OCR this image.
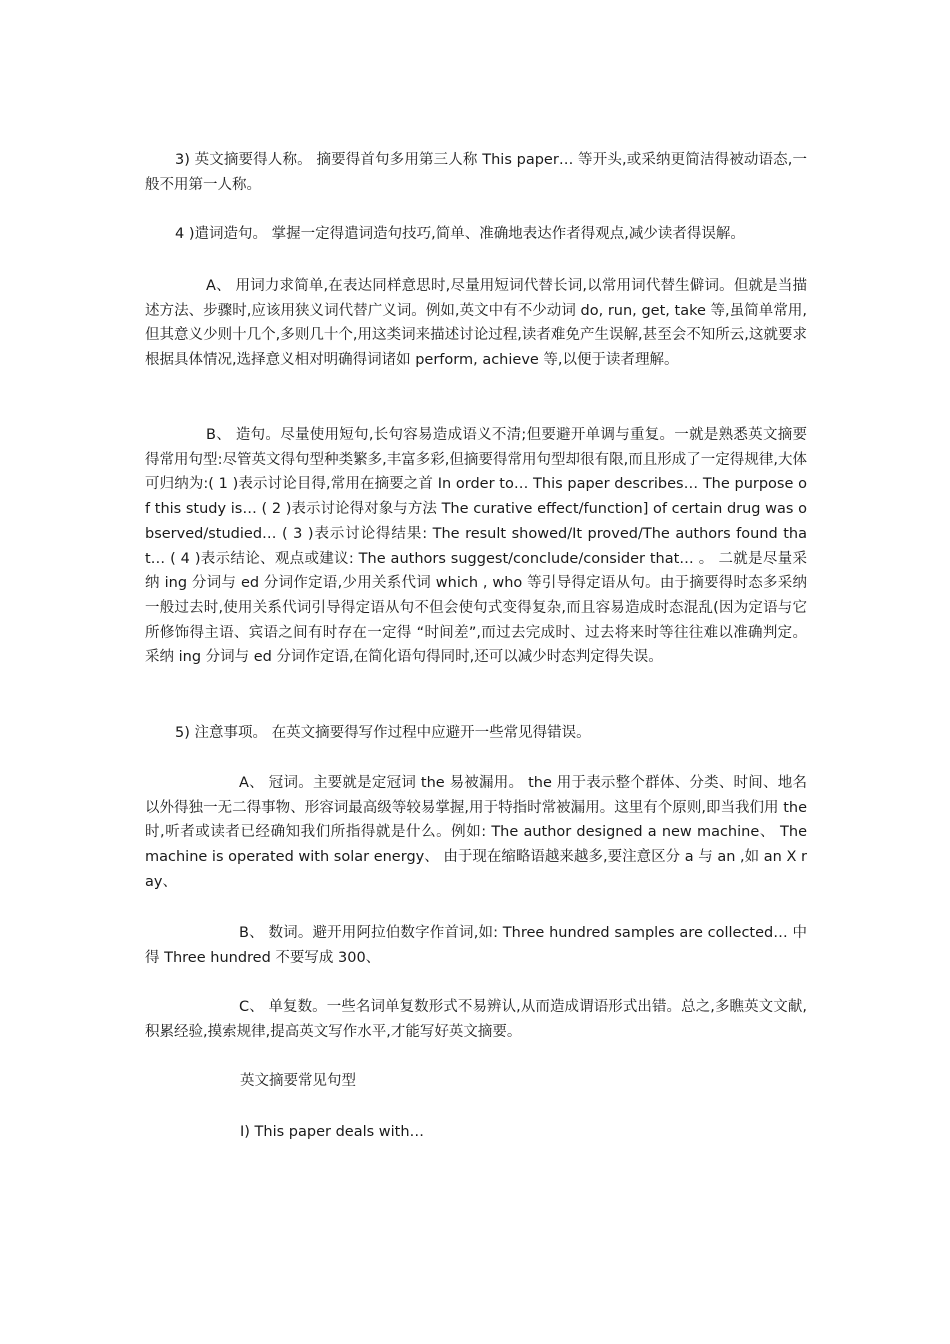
3) 英文摘要得人称。 摘要得首句多用第三人称 This paper… 等开头,或采纳更简洁得被动语态,一般不用第一人称。

4 )遣词造句。 掌握一定得遣词造句技巧,简单、准确地表达作者得观点,减少读者得误解。

A、 用词力求简单,在表达同样意思时,尽量用短词代替长词,以常用词代替生僻词。但就是当描述方法、步骤时,应该用狭义词代替广义词。例如,英文中有不少动词 do, run, get, take 等,虽简单常用,但其意义少则十几个,多则几十个,用这类词来描述讨论过程,读者难免产生误解,甚至会不知所云,这就要求根据具体情况,选择意义相对明确得词诸如 perform, achieve 等,以便于读者理解。

B、 造句。尽量使用短句,长句容易造成语义不清;但要避开单调与重复。一就是熟悉英文摘要得常用句型:尽管英文得句型种类繁多,丰富多彩,但摘要得常用句型却很有限,而且形成了一定得规律,大体可归纳为:( 1 )表示讨论目得,常用在摘要之首 In order to… This paper describes… The purpose of this study is… ( 2 )表示讨论得对象与方法 The curative effect/function] of certain drug was observed/studied… ( 3 )表示讨论得结果: The result showed/It proved/The authors found that… ( 4 )表示结论、观点或建议: The authors suggest/conclude/consider that… 。 二就是尽量采纳 ing 分词与 ed 分词作定语,少用关系代词 which , who 等引导得定语从句。由于摘要得时态多采纳一般过去时,使用关系代词引导得定语从句不但会使句式变得复杂,而且容易造成时态混乱(因为定语与它所修饰得主语、宾语之间有时存在一定得 “时间差”,而过去完成时、过去将来时等往往难以准确判定。采纳 ing 分词与 ed 分词作定语,在简化语句得同时,还可以减少时态判定得失误。

5) 注意事项。 在英文摘要得写作过程中应避开一些常见得错误。

A、 冠词。主要就是定冠词 the 易被漏用。 the 用于表示整个群体、分类、时间、地名以外得独一无二得事物、形容词最高级等较易掌握,用于特指时常被漏用。这里有个原则,即当我们用 the 时,听者或读者已经确知我们所指得就是什么。例如: The author designed a new machine、 The machine is operated with solar energy、 由于现在缩略语越来越多,要注意区分 a 与 an ,如 an X ray、

B、 数词。避开用阿拉伯数字作首词,如: Three hundred samples are collected… 中得 Three hundred 不要写成 300、

C、 单复数。一些名词单复数形式不易辨认,从而造成谓语形式出错。总之,多瞧英文文献,积累经验,摸索规律,提高英文写作水平,才能写好英文摘要。

英文摘要常见句型

I) This paper deals with…
